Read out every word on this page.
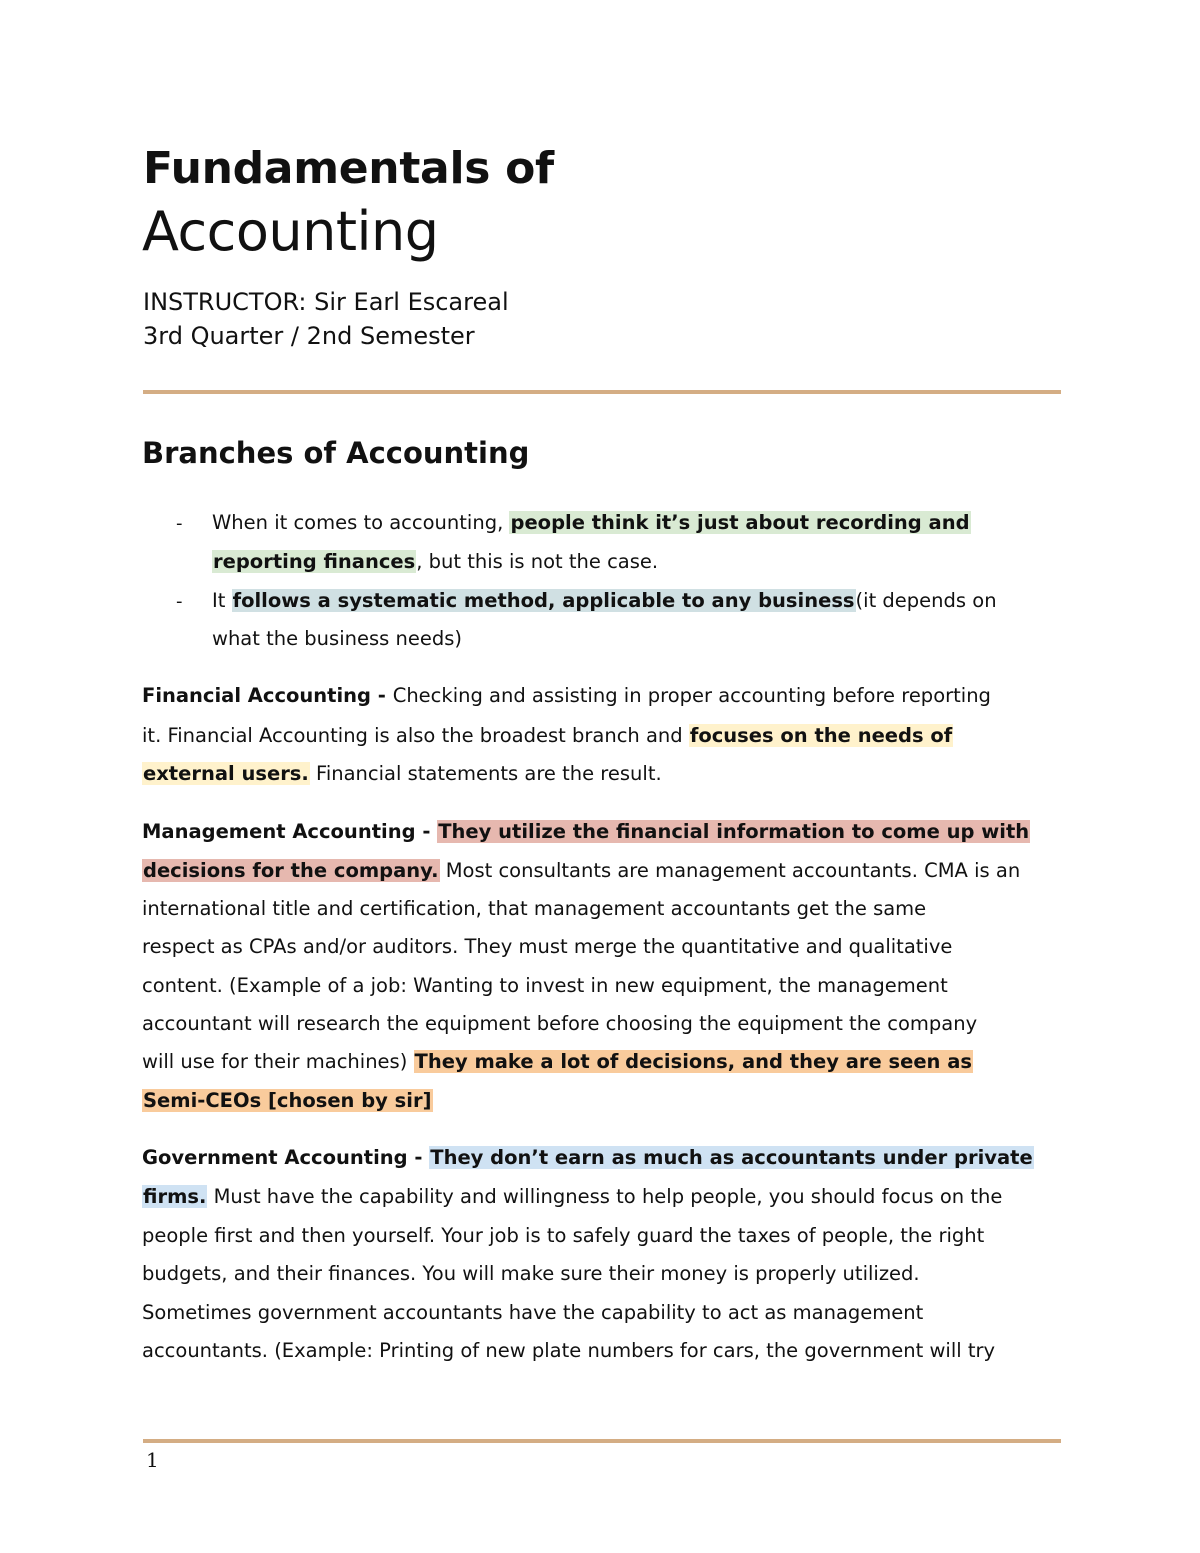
Fundamentals of
Accounting
INSTRUCTOR: Sir Earl Escareal
3rd Quarter / 2nd Semester
Branches of Accounting
- When it comes to accounting, people think it’s just about recording and
reporting finances, but this is not the case.
- It follows a systematic method, applicable to any business(it depends on
what the business needs)
Financial Accounting - Checking and assisting in proper accounting before reporting
it. Financial Accounting is also the broadest branch and focuses on the needs of
external users. Financial statements are the result.
Management Accounting - They utilize the financial information to come up with
decisions for the company. Most consultants are management accountants. CMA is an
international title and certification, that management accountants get the same
respect as CPAs and/or auditors. They must merge the quantitative and qualitative
content. (Example of a job: Wanting to invest in new equipment, the management
accountant will research the equipment before choosing the equipment the company
will use for their machines) They make a lot of decisions, and they are seen as
Semi-CEOs [chosen by sir]
Government Accounting - They don’t earn as much as accountants under private
firms. Must have the capability and willingness to help people, you should focus on the
people first and then yourself. Your job is to safely guard the taxes of people, the right
budgets, and their finances. You will make sure their money is properly utilized.
Sometimes government accountants have the capability to act as management
accountants. (Example: Printing of new plate numbers for cars, the government will try
1
